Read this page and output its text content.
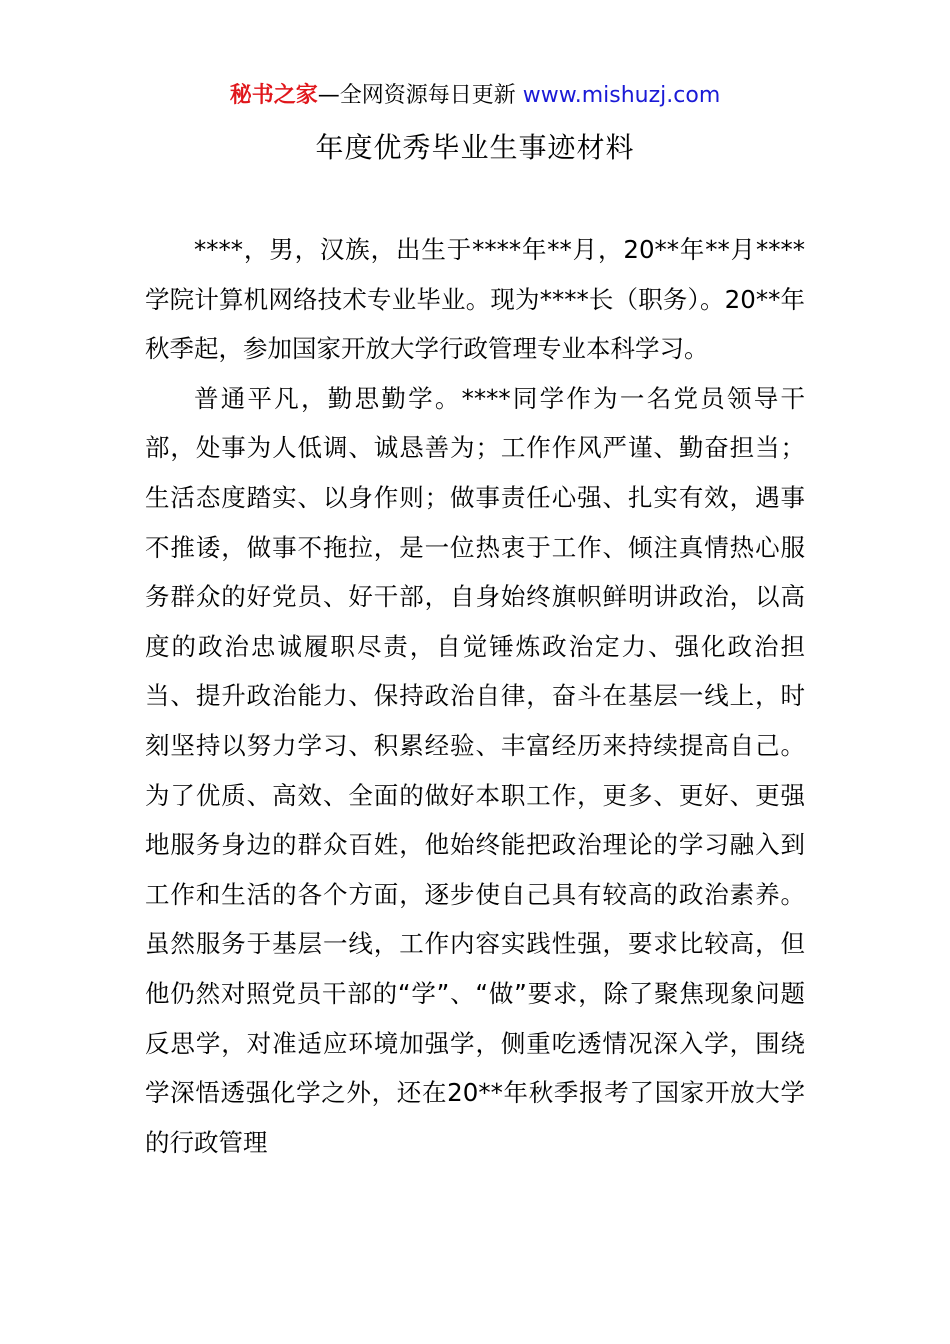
秘书之家—全网资源每日更新 www.mishuzj.com
年度优秀毕业生事迹材料

****，男，汉族，出生于****年**月，20**年**月****学院计算机网络技术专业毕业。现为****长（职务）。20**年秋季起，参加国家开放大学行政管理专业本科学习。

普通平凡，勤思勤学。****同学作为一名党员领导干部，处事为人低调、诚恳善为；工作作风严谨、勤奋担当；生活态度踏实、以身作则；做事责任心强、扎实有效，遇事不推诿，做事不拖拉，是一位热衷于工作、倾注真情热心服务群众的好党员、好干部，自身始终旗帜鲜明讲政治，以高度的政治忠诚履职尽责，自觉锤炼政治定力、强化政治担当、提升政治能力、保持政治自律，奋斗在基层一线上，时刻坚持以努力学习、积累经验、丰富经历来持续提高自己。为了优质、高效、全面的做好本职工作，更多、更好、更强地服务身边的群众百姓，他始终能把政治理论的学习融入到工作和生活的各个方面，逐步使自己具有较高的政治素养。虽然服务于基层一线，工作内容实践性强，要求比较高，但他仍然对照党员干部的“学”、“做”要求，除了聚焦现象问题反思学，对准适应环境加强学，侧重吃透情况深入学，围绕学深悟透强化学之外，还在20**年秋季报考了国家开放大学的行政管理
